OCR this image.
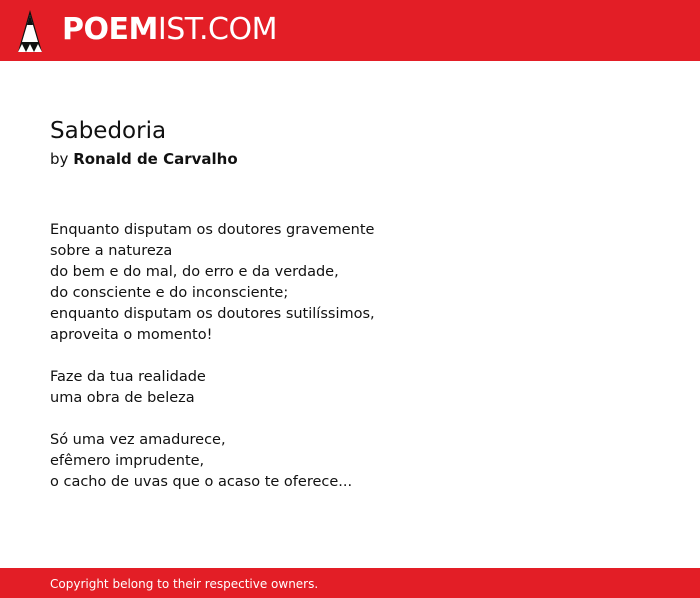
POEMIST.COM
Sabedoria
by Ronald de Carvalho
Enquanto disputam os doutores gravemente
sobre a natureza
do bem e do mal, do erro e da verdade,
do consciente e do inconsciente;
enquanto disputam os doutores sutilíssimos,
aproveita o momento!
Faze da tua realidade
uma obra de beleza
Só uma vez amadurece,
efêmero imprudente,
o cacho de uvas que o acaso te oferece...
Copyright belong to their respective owners.
